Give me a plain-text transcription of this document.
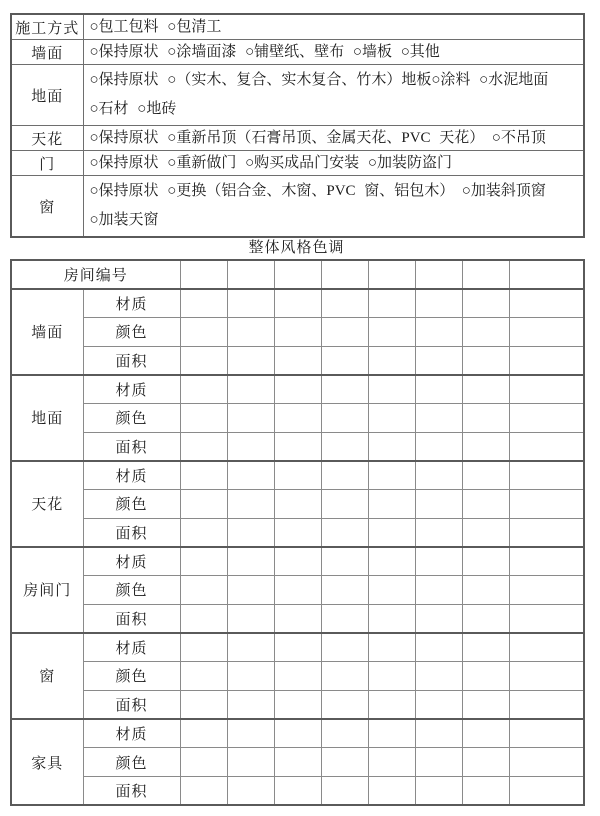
施工方式	○包工包料 ○包清工

墙面	○保持原状 ○涂墙面漆 ○铺壁纸、壁布 ○墙板 ○其他

地面	○保持原状 ○（实木、复合、实木复合、竹木）地板○涂料 ○水泥地面
○石材 ○地砖

天花	○保持原状 ○重新吊顶（石膏吊顶、金属天花、PVC 天花）　○不吊顶

门	○保持原状 ○重新做门 ○购买成品门安装 ○加装防盗门

窗	○保持原状 ○更换（铝合金、木窗、PVC 窗、铝包木）　○加装斜顶窗
○加装天窗
整体风格色调
房间编号									
墙面	材质								
	颜色								
	面积								
地面	材质								
	颜色								
	面积								
天花	材质								
	颜色								
	面积								
房间门	材质								
	颜色								
	面积								
窗	材质								
	颜色								
	面积								
家具	材质								
	颜色								
	面积								
